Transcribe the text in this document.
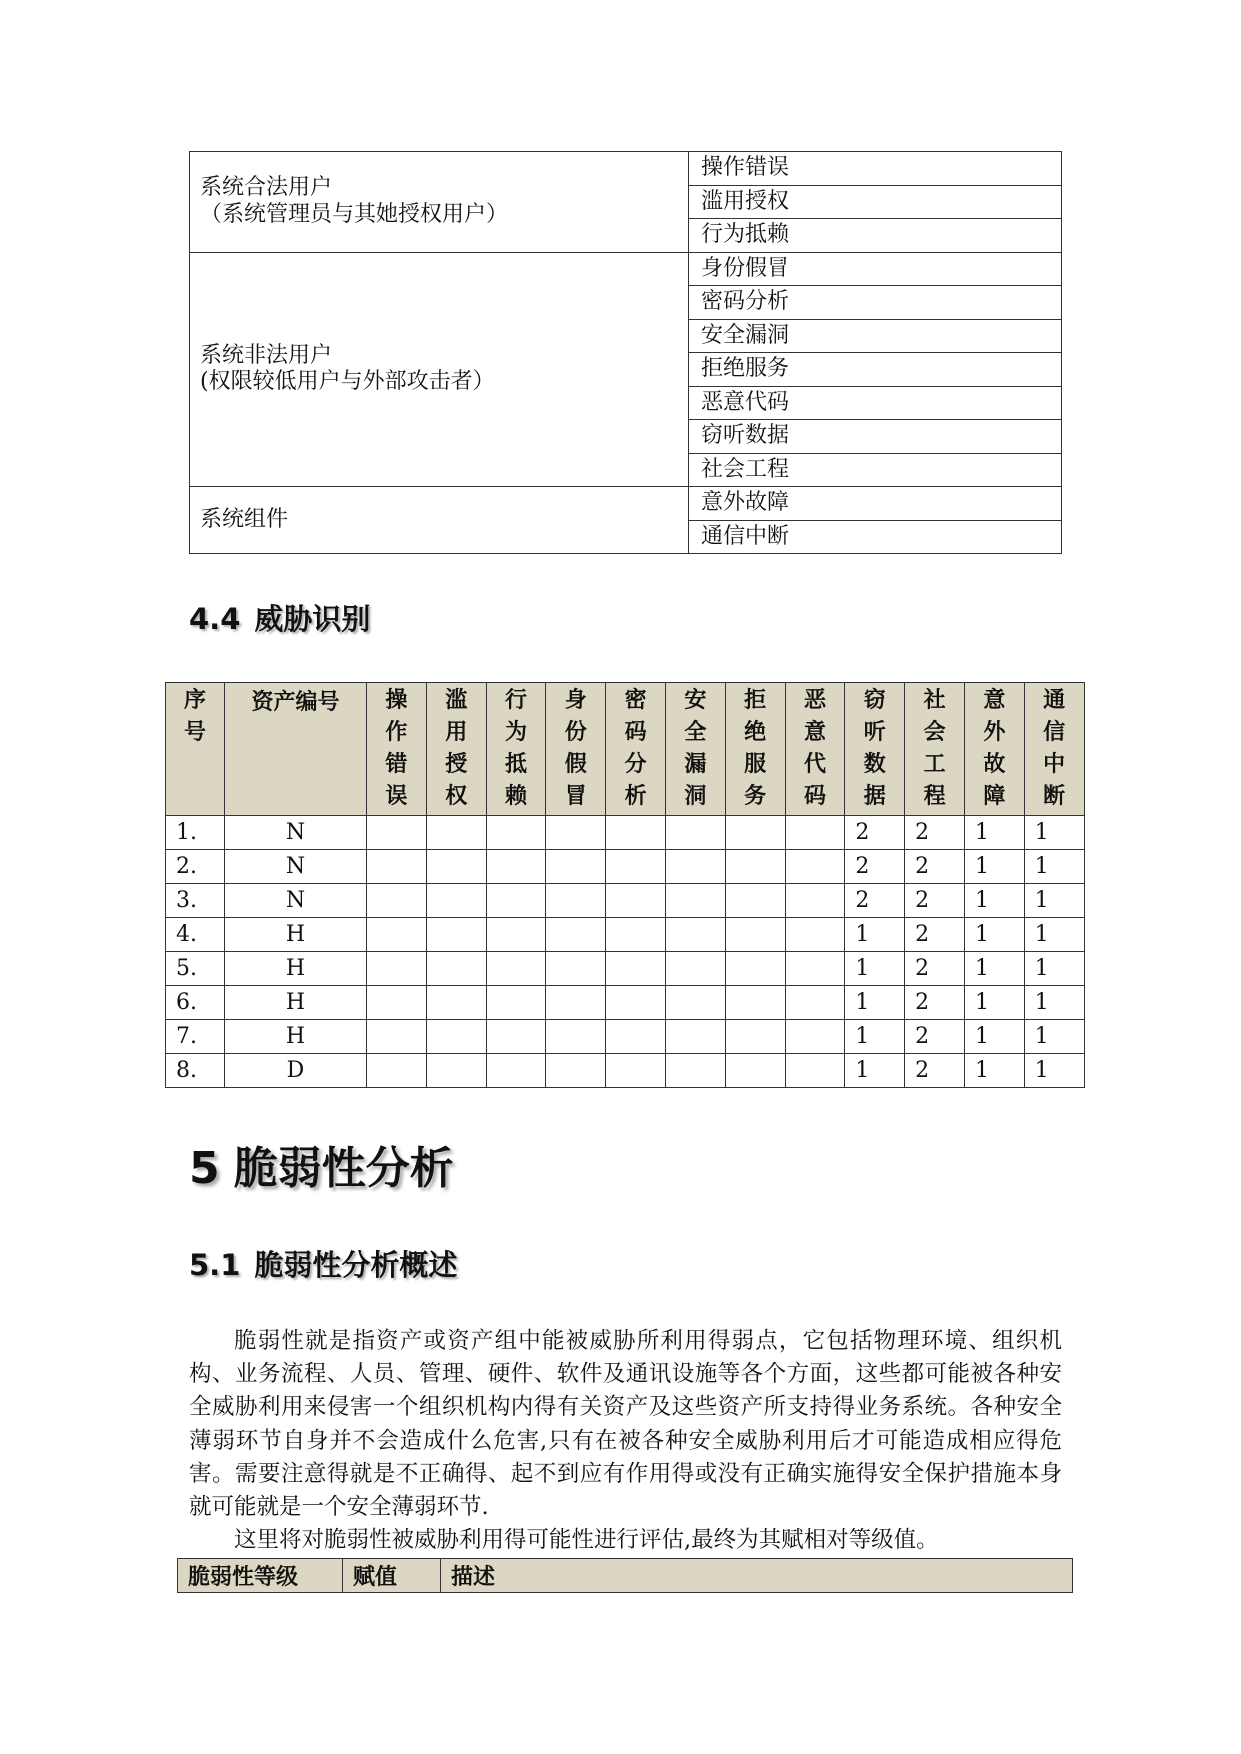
系统合法用户
（系统管理员与其她授权用户）	操作错误
	滥用授权
	行为抵赖

系统非法用户
(权限较低用户与外部攻击者）	身份假冒
	密码分析
	安全漏洞
	拒绝服务
	恶意代码
	窃听数据
	社会工程

系统组件	意外故障
	通信中断
4.4 威胁识别
序号	资产编号	操作错误	滥用授权	行为抵赖	身份假冒	密码分析	安全漏洞	拒绝服务	恶意代码	窃听数据	社会工程	意外故障	通信中断

1.	N									2	2	1	1
2.	N									2	2	1	1
3.	N									2	2	1	1
4.	H									1	2	1	1
5.	H									1	2	1	1
6.	H									1	2	1	1
7.	H									1	2	1	1
8.	D									1	2	1	1
5 脆弱性分析
5.1 脆弱性分析概述

脆弱性就是指资产或资产组中能被威胁所利用得弱点，它包括物理环境、组织机构、业务流程、人员、管理、硬件、软件及通讯设施等各个方面，这些都可能被各种安全威胁利用来侵害一个组织机构内得有关资产及这些资产所支持得业务系统。各种安全薄弱环节自身并不会造成什么危害,只有在被各种安全威胁利用后才可能造成相应得危害。需要注意得就是不正确得、起不到应有作用得或没有正确实施得安全保护措施本身就可能就是一个安全薄弱环节.

这里将对脆弱性被威胁利用得可能性进行评估,最终为其赋相对等级值。

脆弱性等级	赋值	描述
